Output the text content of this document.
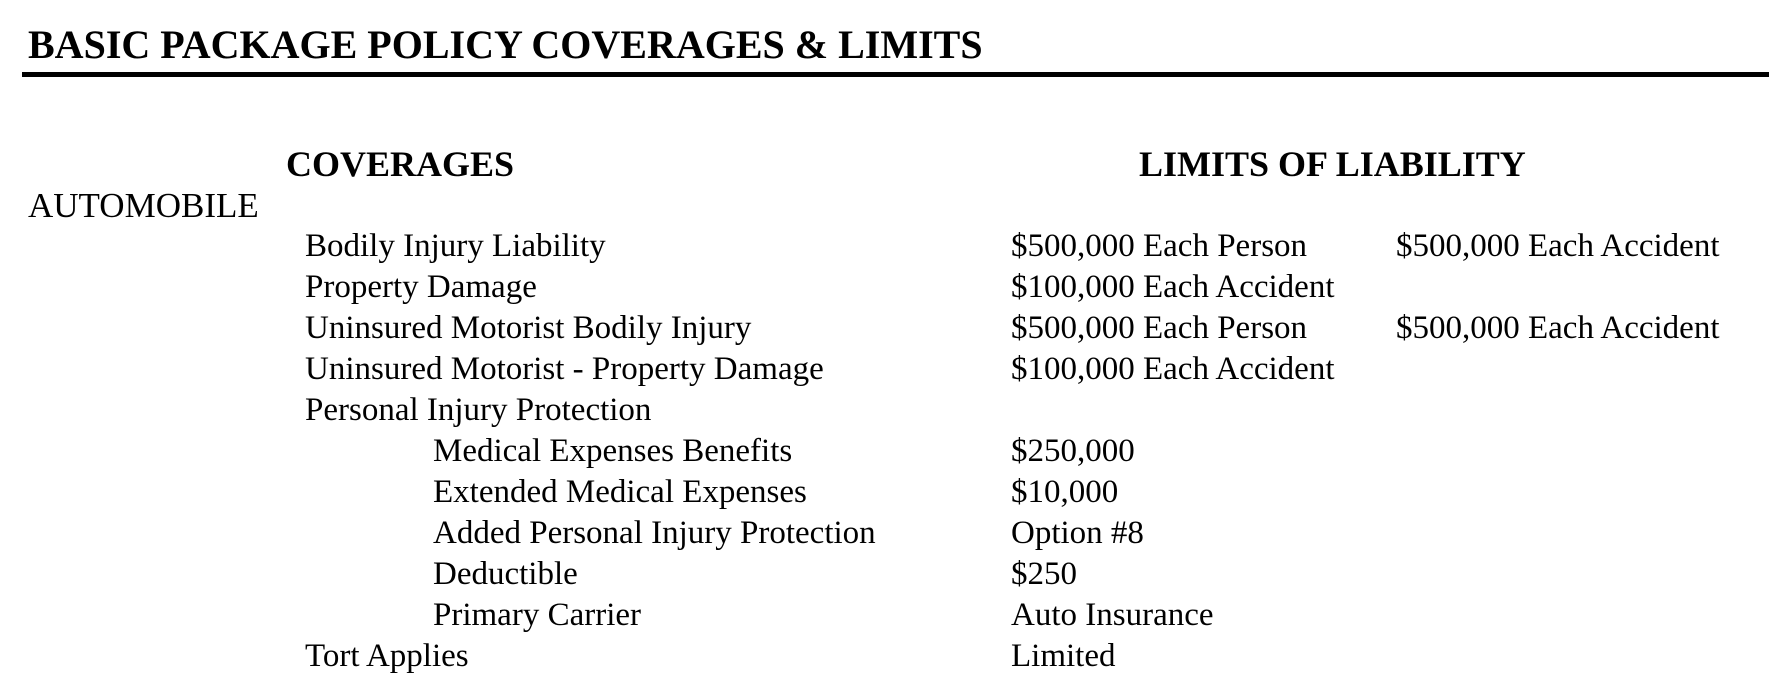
BASIC PACKAGE POLICY COVERAGES & LIMITS
COVERAGES	LIMITS OF LIABILITY
AUTOMOBILE
Bodily Injury Liability	$500,000 Each Person	$500,000 Each Accident
Property Damage	$100,000 Each Accident
Uninsured Motorist Bodily Injury	$500,000 Each Person	$500,000 Each Accident
Uninsured Motorist - Property Damage	$100,000 Each Accident
Personal Injury Protection
Medical Expenses Benefits	$250,000
Extended Medical Expenses	$10,000
Added Personal Injury Protection	Option #8
Deductible	$250
Primary Carrier	Auto Insurance
Tort Applies	Limited
